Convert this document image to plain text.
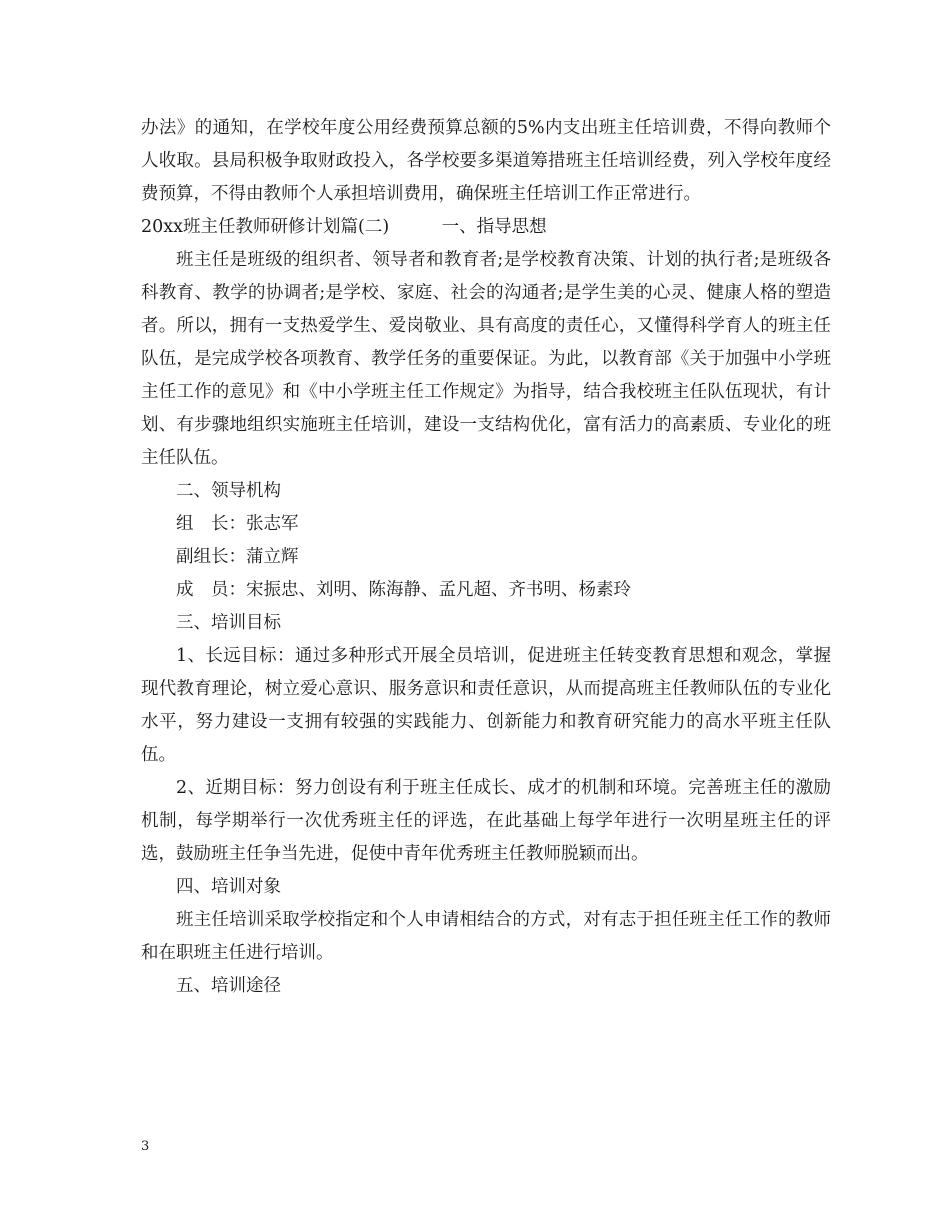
办法》的通知，在学校年度公用经费预算总额的5%内支出班主任培训费，不得向教师个人收取。县局积极争取财政投入，各学校要多渠道筹措班主任培训经费，列入学校年度经费预算，不得由教师个人承担培训费用，确保班主任培训工作正常进行。

20xx班主任教师研修计划篇(二)　　　一、指导思想

班主任是班级的组织者、领导者和教育者;是学校教育决策、计划的执行者;是班级各科教育、教学的协调者;是学校、家庭、社会的沟通者;是学生美的心灵、健康人格的塑造者。所以，拥有一支热爱学生、爱岗敬业、具有高度的责任心，又懂得科学育人的班主任队伍，是完成学校各项教育、教学任务的重要保证。为此，以教育部《关于加强中小学班主任工作的意见》和《中小学班主任工作规定》为指导，结合我校班主任队伍现状，有计划、有步骤地组织实施班主任培训，建设一支结构优化，富有活力的高素质、专业化的班主任队伍。

二、领导机构

组　长：张志军

副组长：蒲立辉

成　员：宋振忠、刘明、陈海静、孟凡超、齐书明、杨素玲

三、培训目标

1、长远目标：通过多种形式开展全员培训，促进班主任转变教育思想和观念，掌握现代教育理论，树立爱心意识、服务意识和责任意识，从而提高班主任教师队伍的专业化水平，努力建设一支拥有较强的实践能力、创新能力和教育研究能力的高水平班主任队伍。

2、近期目标：努力创设有利于班主任成长、成才的机制和环境。完善班主任的激励机制，每学期举行一次优秀班主任的评选，在此基础上每学年进行一次明星班主任的评选，鼓励班主任争当先进，促使中青年优秀班主任教师脱颖而出。

四、培训对象

班主任培训采取学校指定和个人申请相结合的方式，对有志于担任班主任工作的教师和在职班主任进行培训。

五、培训途径

3
